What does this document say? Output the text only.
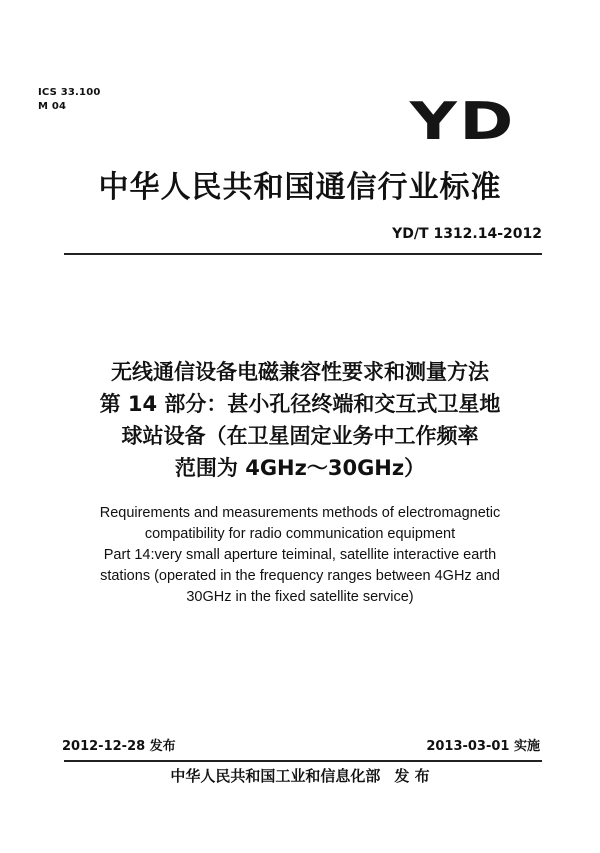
ICS 33.100
M 04	YD
中华人民共和国通信行业标准
YD/T 1312.14-2012
无线通信设备电磁兼容性要求和测量方法
第 14 部分：甚小孔径终端和交互式卫星地
球站设备（在卫星固定业务中工作频率
范围为 4GHz～30GHz）
Requirements and measurements methods of electromagnetic
compatibility for radio communication equipment
Part 14:very small aperture teiminal, satellite interactive earth
stations (operated in the frequency ranges between 4GHz and
30GHz in the fixed satellite service)
2012-12-28 发布	2013-03-01 实施
中华人民共和国工业和信息化部 发 布
